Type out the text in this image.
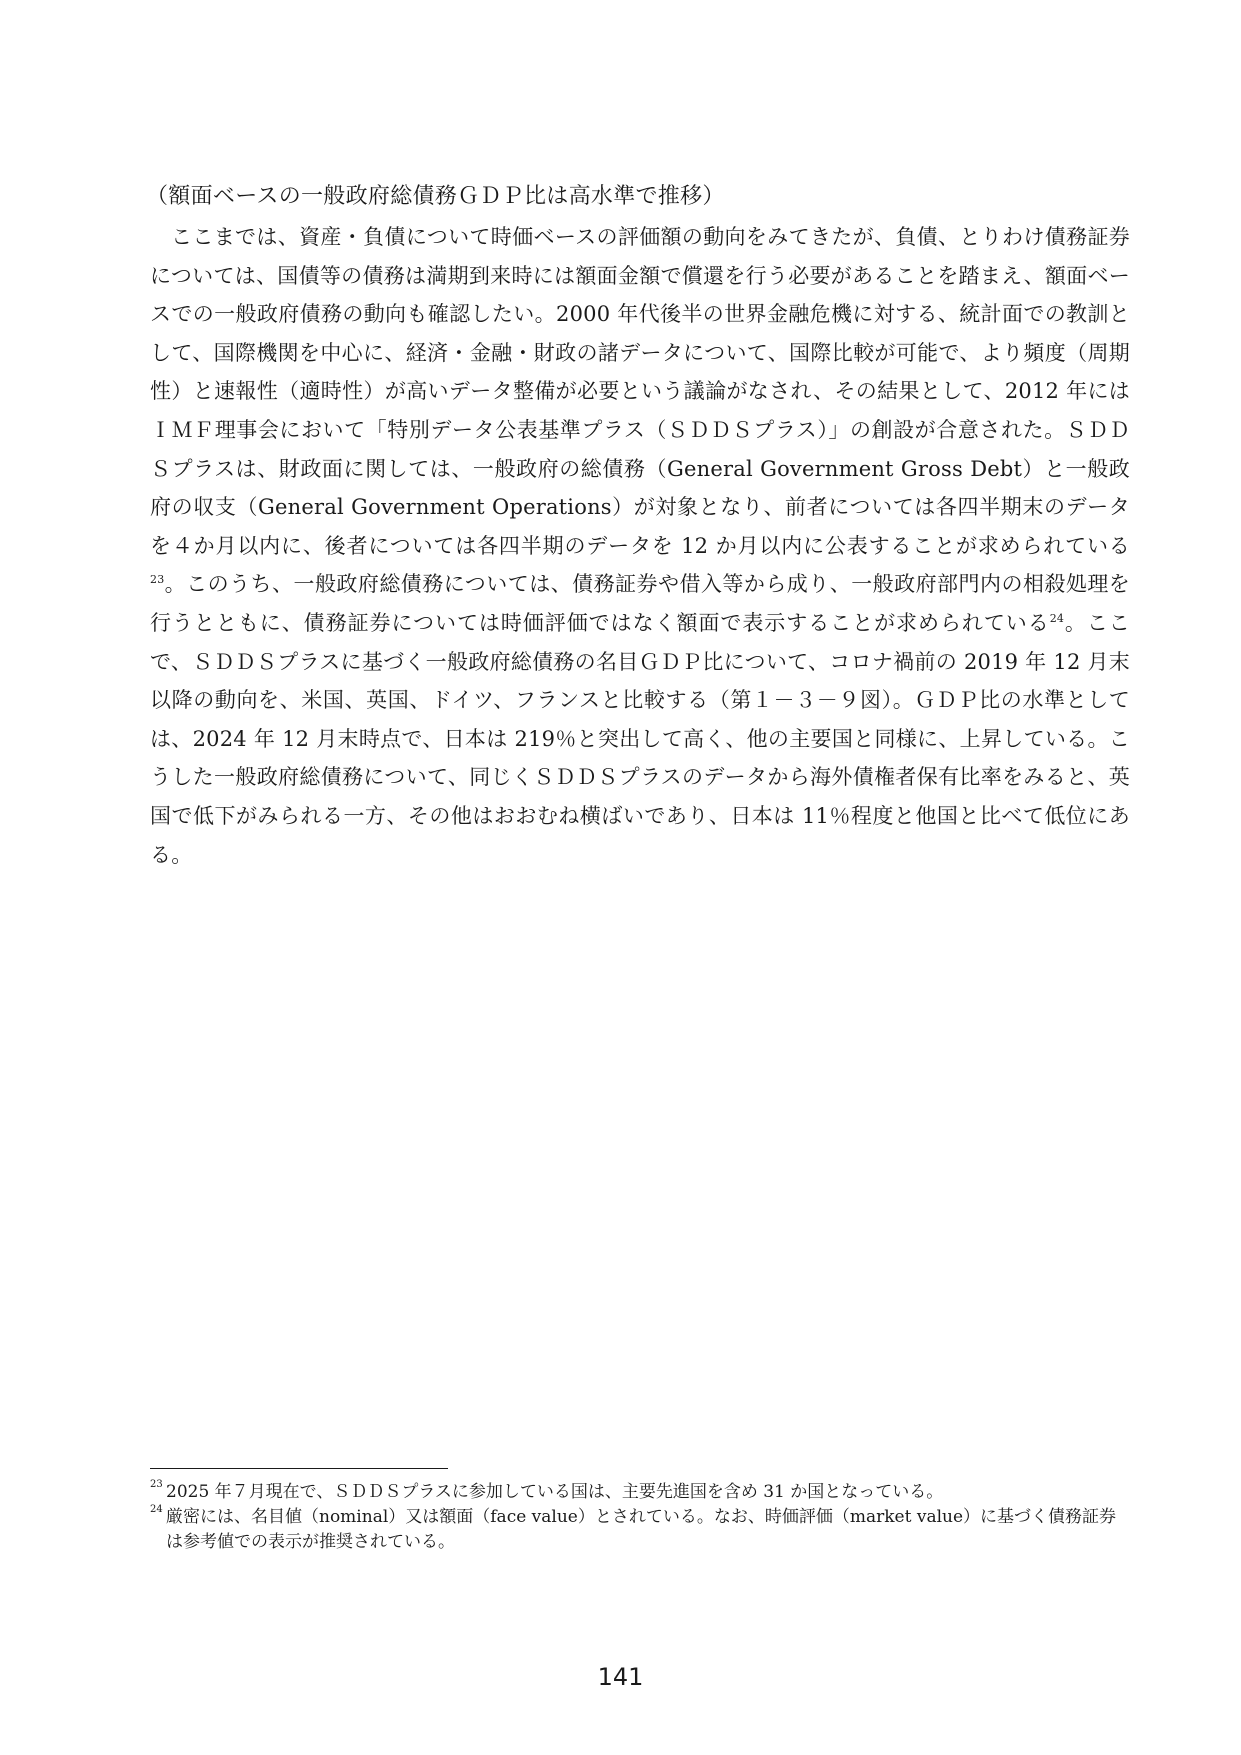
（額面ベースの一般政府総債務ＧＤＰ比は高水準で推移）

ここまでは、資産・負債について時価ベースの評価額の動向をみてきたが、負債、とりわけ債務証券については、国債等の債務は満期到来時には額面金額で償還を行う必要があることを踏まえ、額面ベースでの一般政府債務の動向も確認したい。2000 年代後半の世界金融危機に対する、統計面での教訓として、国際機関を中心に、経済・金融・財政の諸データについて、国際比較が可能で、より頻度（周期性）と速報性（適時性）が高いデータ整備が必要という議論がなされ、その結果として、2012 年にはＩＭＦ理事会において「特別データ公表基準プラス（ＳＤＤＳプラス）」の創設が合意された。ＳＤＤＳプラスは、財政面に関しては、一般政府の総債務（General Government Gross Debt）と一般政府の収支（General Government Operations）が対象となり、前者については各四半期末のデータを４か月以内に、後者については各四半期のデータを 12 か月以内に公表することが求められている$^{23}$。このうち、一般政府総債務については、債務証券や借入等から成り、一般政府部門内の相殺処理を行うとともに、債務証券については時価評価ではなく額面で表示することが求められている$^{24}$。ここで、ＳＤＤＳプラスに基づく一般政府総債務の名目ＧＤＰ比について、コロナ禍前の 2019 年 12 月末以降の動向を、米国、英国、ドイツ、フランスと比較する（第１－３－９図）。ＧＤＰ比の水準としては、2024 年 12 月末時点で、日本は 219％と突出して高く、他の主要国と同様に、上昇している。こうした一般政府総債務について、同じくＳＤＤＳプラスのデータから海外債権者保有比率をみると、英国で低下がみられる一方、その他はおおむね横ばいであり、日本は 11％程度と他国と比べて低位にある。

23 2025 年７月現在で、ＳＤＤＳプラスに参加している国は、主要先進国を含め 31 か国となっている。

24 厳密には、名目値（nominal）又は額面（face value）とされている。なお、時価評価（market value）に基づく債務証券は参考値での表示が推奨されている。

141
